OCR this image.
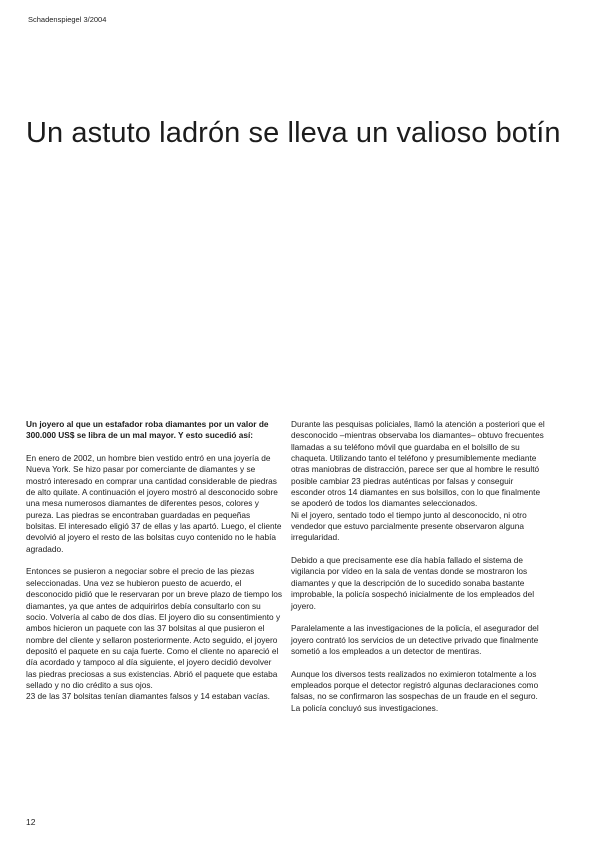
Schadenspiegel 3/2004
Un astuto ladrón se lleva un valioso botín

Un joyero al que un estafador roba diamantes por un valor de 300.000 US$ se libra de un mal mayor. Y esto sucedió así:

En enero de 2002, un hombre bien vestido entró en una joyería de Nueva York. Se hizo pasar por comerciante de diamantes y se mostró interesado en comprar una cantidad considerable de piedras de alto quilate. A continuación el joyero mostró al desconocido sobre una mesa numerosos diamantes de diferentes pesos, colores y pureza. Las piedras se encontraban guardadas en pequeñas bolsitas. El interesado eligió 37 de ellas y las apartó. Luego, el cliente devolvió al joyero el resto de las bolsitas cuyo contenido no le había agradado.

Entonces se pusieron a negociar sobre el precio de las piezas seleccionadas. Una vez se hubieron puesto de acuerdo, el desconocido pidió que le reservaran por un breve plazo de tiempo los diamantes, ya que antes de adquirirlos debía consultarlo con su socio. Volvería al cabo de dos días. El joyero dio su consentimiento y ambos hicieron un paquete con las 37 bolsitas al que pusieron el nombre del cliente y sellaron posteriormente. Acto seguido, el joyero depositó el paquete en su caja fuerte. Como el cliente no apareció el día acordado y tampoco al día siguiente, el joyero decidió devolver las piedras preciosas a sus existencias. Abrió el paquete que estaba sellado y no dio crédito a sus ojos.

23 de las 37 bolsitas tenían diamantes falsos y 14 estaban vacías.

Durante las pesquisas policiales, llamó la atención a posteriori que el desconocido –mientras observaba los diamantes– obtuvo frecuentes llamadas a su teléfono móvil que guardaba en el bolsillo de su chaqueta. Utilizando tanto el teléfono y presumiblemente mediante otras maniobras de distracción, parece ser que al hombre le resultó posible cambiar 23 piedras auténticas por falsas y conseguir esconder otros 14 diamantes en sus bolsillos, con lo que finalmente se apoderó de todos los diamantes seleccionados.

Ni el joyero, sentado todo el tiempo junto al desconocido, ni otro vendedor que estuvo parcialmente presente observaron alguna irregularidad.

Debido a que precisamente ese día había fallado el sistema de vigilancia por vídeo en la sala de ventas donde se mostraron los diamantes y que la descripción de lo sucedido sonaba bastante improbable, la policía sospechó inicialmente de los empleados del joyero.

Paralelamente a las investigaciones de la policía, el asegurador del joyero contrató los servicios de un detective privado que finalmente sometió a los empleados a un detector de mentiras.

Aunque los diversos tests realizados no eximieron totalmente a los empleados porque el detector registró algunas declaraciones como falsas, no se confirmaron las sospechas de un fraude en el seguro. La policía concluyó sus investigaciones.

12
